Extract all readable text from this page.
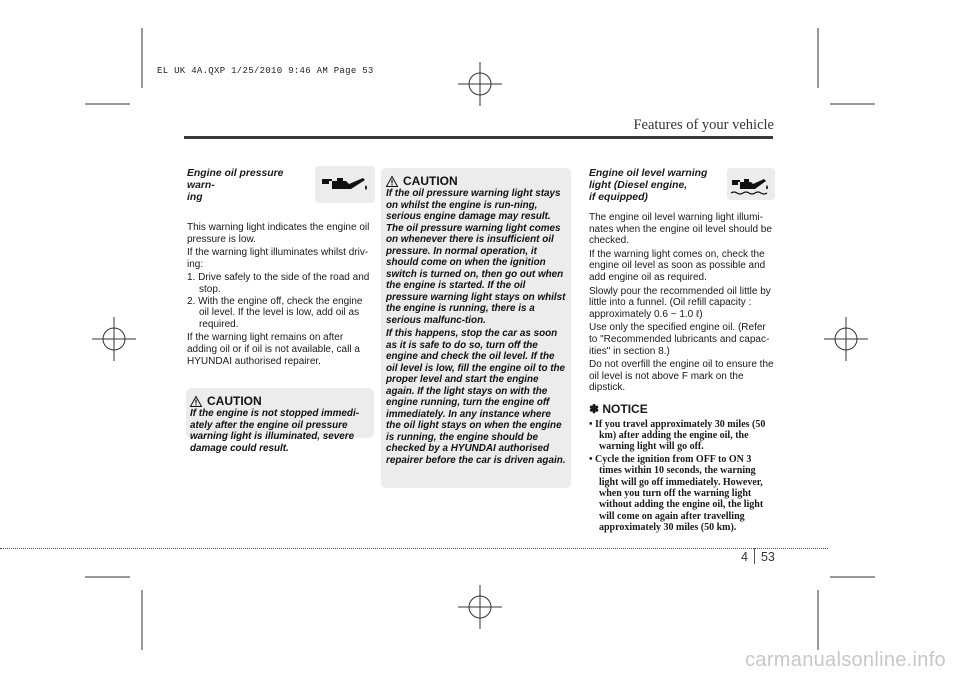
EL UK 4A.QXP 1/25/2010 9:46 AM Page 53
Features of your vehicle
Engine oil pressure warn-
ing

This warning light indicates the engine oil pressure is low.

If the warning light illuminates whilst driv-ing:

1. Drive safely to the side of the road and stop.
2. With the engine off, check the engine oil level. If the level is low, add oil as required.

If the warning light remains on after adding oil or if oil is not available, call a HYUNDAI authorised repairer.

CAUTION

If the engine is not stopped immedi-ately after the engine oil pressure warning light is illuminated, severe damage could result.

CAUTION

If the oil pressure warning light stays on whilst the engine is run-ning, serious engine damage may result. The oil pressure warning light comes on whenever there is insufficient oil pressure. In normal operation, it should come on when the ignition switch is turned on, then go out when the engine is started. If the oil pressure warning light stays on whilst the engine is running, there is a serious malfunc-tion.

If this happens, stop the car as soon as it is safe to do so, turn off the engine and check the oil level. If the oil level is low, fill the engine oil to the proper level and start the engine again. If the light stays on with the engine running, turn the engine off immediately. In any instance where the oil light stays on when the engine is running, the engine should be checked by a HYUNDAI authorised repairer before the car is driven again.

Engine oil level warning
light (Diesel engine,
if equipped)

The engine oil level warning light illumi-nates when the engine oil level should be checked.

If the warning light comes on, check the engine oil level as soon as possible and add engine oil as required.

Slowly pour the recommended oil little by little into a funnel. (Oil refill capacity : approximately 0.6 ~ 1.0 ℓ)

Use only the specified engine oil. (Refer to "Recommended lubricants and capac-ities" in section 8.)

Do not overfill the engine oil to ensure the oil level is not above F mark on the dipstick.

✽ NOTICE
• If you travel approximately 30 miles (50 km) after adding the engine oil, the warning light will go off.
• Cycle the ignition from OFF to ON 3 times within 10 seconds, the warning light will go off immediately. However, when you turn off the warning light without adding the engine oil, the light will come on again after travelling approximately 30 miles (50 km).
4 53
carmanualsonline.info
